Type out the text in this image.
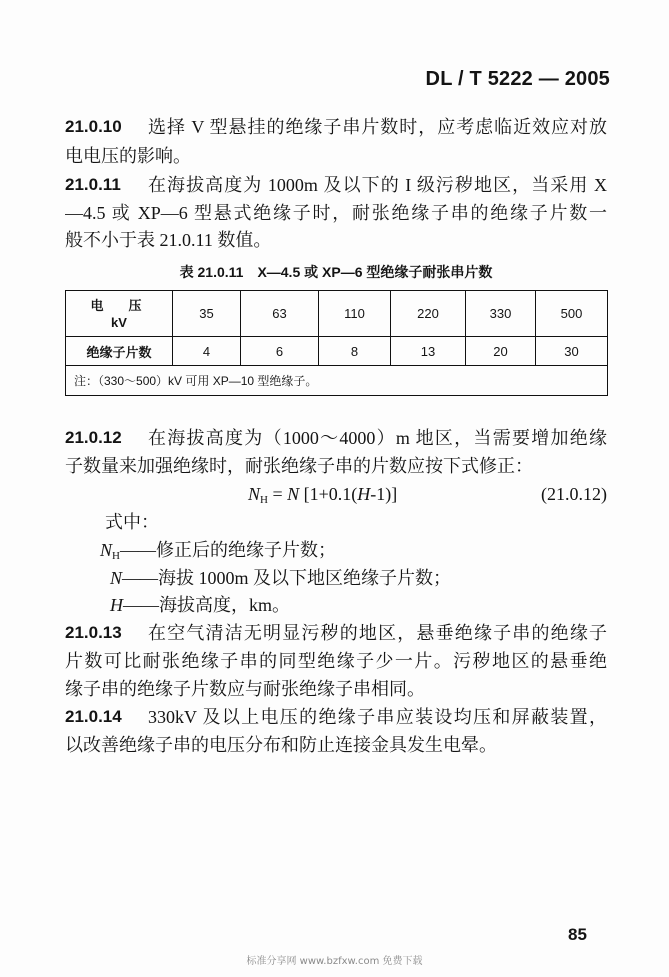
DL / T 5222 — 2005
21.0.10	选择 V 型悬挂的绝缘子串片数时，应考虑临近效应对放
电电压的影响。
21.0.11	在海拔高度为 1000m 及以下的 I 级污秽地区，当采用 X
—4.5 或 XP—6 型悬式绝缘子时，耐张绝缘子串的绝缘子片数一
般不小于表 21.0.11 数值。
表 21.0.11 X—4.5 或 XP—6 型绝缘子耐张串片数
电　压
kV	35	63	110	220	330	500
绝缘子片数	4	6	8	13	20	30
注：（330～500）kV 可用 XP—10 型绝缘子。						
21.0.12	在海拔高度为（1000～4000）m 地区，当需要增加绝缘
子数量来加强绝缘时，耐张绝缘子串的片数应按下式修正：
$N_H = N$ [1+0.1(H-1)]	(21.0.12)
式中：
$N_H——$修正后的绝缘子片数；
N——海拔 1000m 及以下地区绝缘子片数；
H——海拔高度，km。
21.0.13	在空气清洁无明显污秽的地区，悬垂绝缘子串的绝缘子
片数可比耐张绝缘子串的同型绝缘子少一片。污秽地区的悬垂绝
缘子串的绝缘子片数应与耐张绝缘子串相同。
21.0.14	330kV 及以上电压的绝缘子串应装设均压和屏蔽装置，
以改善绝缘子串的电压分布和防止连接金具发生电晕。
85
标准分享网 www.bzfxw.com 免费下载
